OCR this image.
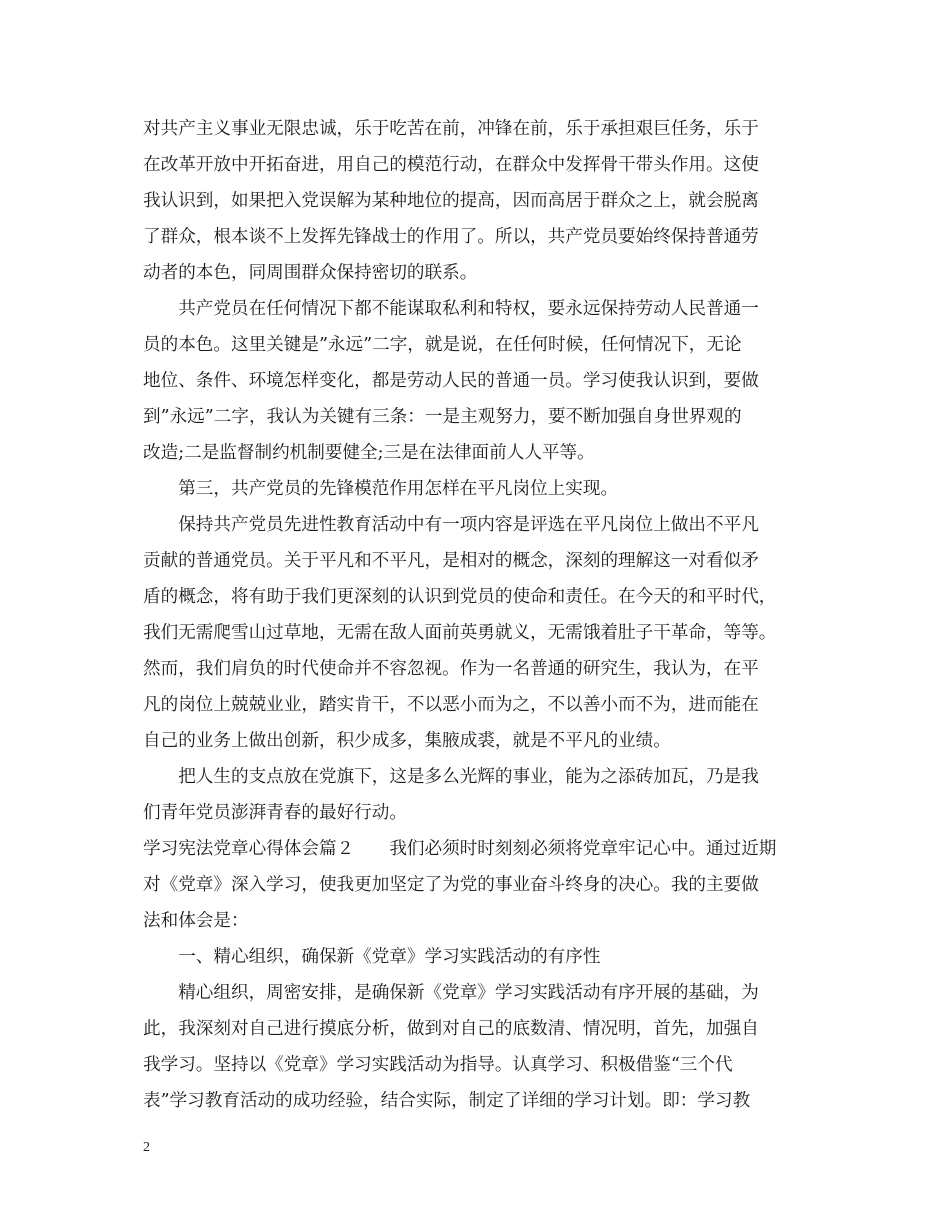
对共产主义事业无限忠诚，乐于吃苦在前，冲锋在前，乐于承担艰巨任务，乐于
在改革开放中开拓奋进，用自己的模范行动，在群众中发挥骨干带头作用。这使
我认识到，如果把入党误解为某种地位的提高，因而高居于群众之上，就会脱离
了群众，根本谈不上发挥先锋战士的作用了。所以，共产党员要始终保持普通劳
动者的本色，同周围群众保持密切的联系。
　　共产党员在任何情况下都不能谋取私利和特权，要永远保持劳动人民普通一
员的本色。这里关键是”永远”二字，就是说，在任何时候，任何情况下，无论
地位、条件、环境怎样变化，都是劳动人民的普通一员。学习使我认识到，要做
到”永远”二字，我认为关键有三条：一是主观努力，要不断加强自身世界观的
改造;二是监督制约机制要健全;三是在法律面前人人平等。
　　第三，共产党员的先锋模范作用怎样在平凡岗位上实现。
　　保持共产党员先进性教育活动中有一项内容是评选在平凡岗位上做出不平凡
贡献的普通党员。关于平凡和不平凡，是相对的概念，深刻的理解这一对看似矛
盾的概念，将有助于我们更深刻的认识到党员的使命和责任。在今天的和平时代，
我们无需爬雪山过草地，无需在敌人面前英勇就义，无需饿着肚子干革命，等等。
然而，我们肩负的时代使命并不容忽视。作为一名普通的研究生，我认为，在平
凡的岗位上兢兢业业，踏实肯干，不以恶小而为之，不以善小而不为，进而能在
自己的业务上做出创新，积少成多，集腋成裘，就是不平凡的业绩。
　　把人生的支点放在党旗下，这是多么光辉的事业，能为之添砖加瓦，乃是我
们青年党员澎湃青春的最好行动。
学习宪法党章心得体会篇２　　我们必须时时刻刻必须将党章牢记心中。通过近期
对《党章》深入学习，使我更加坚定了为党的事业奋斗终身的决心。我的主要做
法和体会是：
　　一、精心组织，确保新《党章》学习实践活动的有序性
　　精心组织，周密安排，是确保新《党章》学习实践活动有序开展的基础，为
此，我深刻对自己进行摸底分析，做到对自己的底数清、情况明，首先，加强自
我学习。坚持以《党章》学习实践活动为指导。认真学习、积极借鉴“三个代
表”学习教育活动的成功经验，结合实际，制定了详细的学习计划。即：学习教
2
